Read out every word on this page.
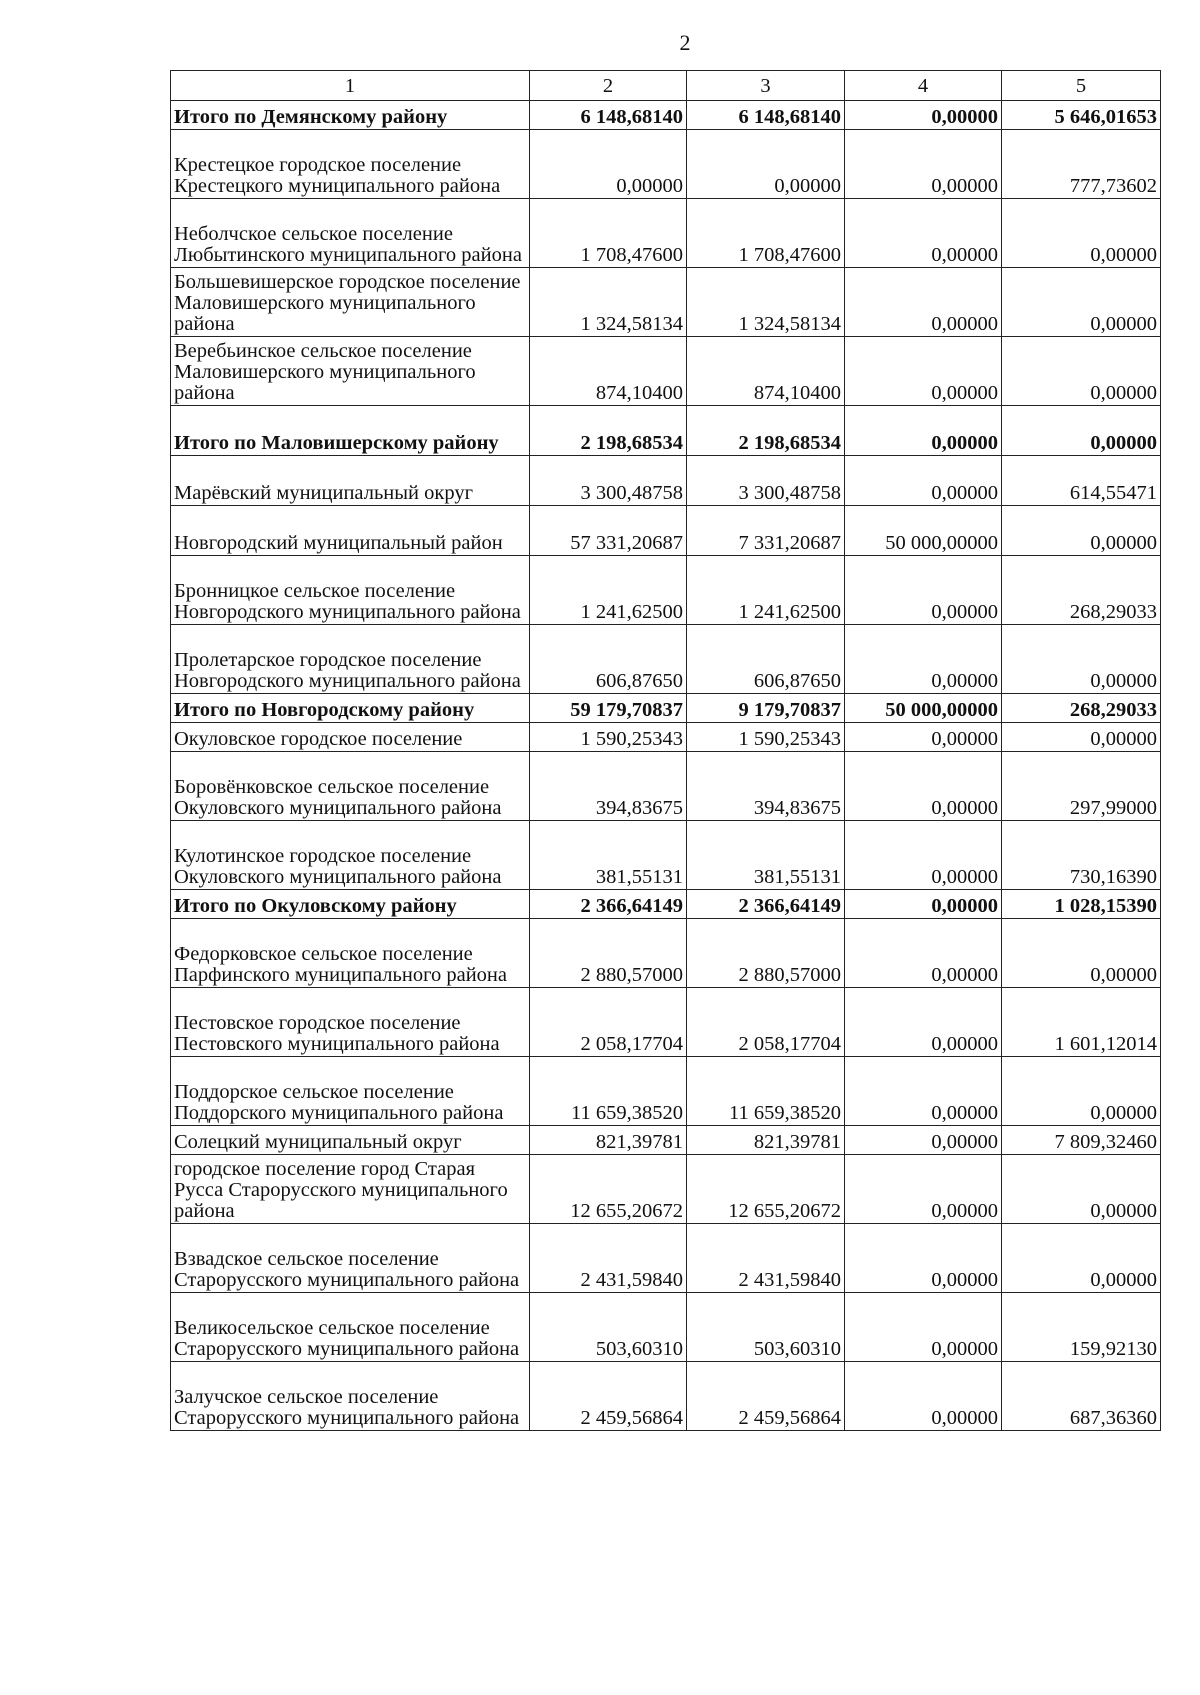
2
1	2	3	4	5
Итого по Демянскому району	6 148,68140	6 148,68140	0,00000	5 646,01653
Крестецкое городское поселение Крестецкого муниципального района	0,00000	0,00000	0,00000	777,73602
Неболчское сельское поселение Любытинского муниципального района	1 708,47600	1 708,47600	0,00000	0,00000
Большевишерское городское поселение Маловишерского муниципального района	1 324,58134	1 324,58134	0,00000	0,00000
Веребьинское сельское поселение Маловишерского муниципального района	874,10400	874,10400	0,00000	0,00000
Итого по Маловишерскому району	2 198,68534	2 198,68534	0,00000	0,00000
Марёвский муниципальный округ	3 300,48758	3 300,48758	0,00000	614,55471
Новгородский муниципальный район	57 331,20687	7 331,20687	50 000,00000	0,00000
Бронницкое сельское поселение Новгородского муниципального района	1 241,62500	1 241,62500	0,00000	268,29033
Пролетарское городское поселение Новгородского муниципального района	606,87650	606,87650	0,00000	0,00000
Итого по Новгородскому району	59 179,70837	9 179,70837	50 000,00000	268,29033
Окуловское городское поселение	1 590,25343	1 590,25343	0,00000	0,00000
Боровёнковское сельское поселение Окуловского муниципального района	394,83675	394,83675	0,00000	297,99000
Кулотинское городское поселение Окуловского муниципального района	381,55131	381,55131	0,00000	730,16390
Итого по Окуловскому району	2 366,64149	2 366,64149	0,00000	1 028,15390
Федорковское сельское поселение Парфинского муниципального района	2 880,57000	2 880,57000	0,00000	0,00000
Пестовское городское поселение Пестовского муниципального района	2 058,17704	2 058,17704	0,00000	1 601,12014
Поддорское сельское поселение Поддорского муниципального района	11 659,38520	11 659,38520	0,00000	0,00000
Солецкий муниципальный округ	821,39781	821,39781	0,00000	7 809,32460
городское поселение город Старая Русса Старорусского муниципального района	12 655,20672	12 655,20672	0,00000	0,00000
Взвадское сельское поселение Старорусского муниципального района	2 431,59840	2 431,59840	0,00000	0,00000
Великосельское сельское поселение Старорусского муниципального района	503,60310	503,60310	0,00000	159,92130
Залучское сельское поселение Старорусского муниципального района	2 459,56864	2 459,56864	0,00000	687,36360
